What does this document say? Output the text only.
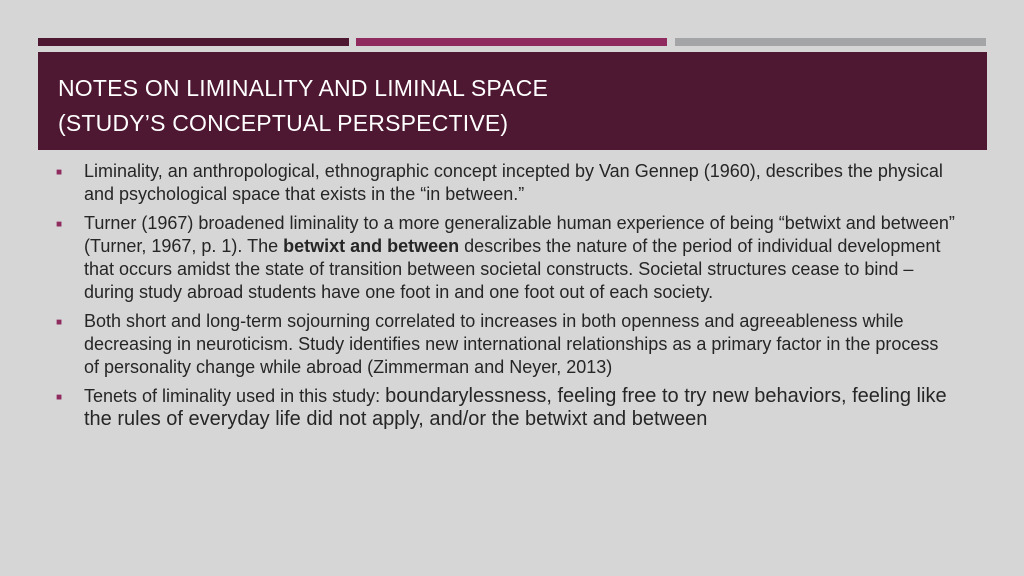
NOTES ON LIMINALITY AND LIMINAL SPACE
(STUDY’S CONCEPTUAL PERSPECTIVE)
■	Liminality, an anthropological, ethnographic concept incepted by Van Gennep (1960), describes the physical and psychological space that exists in the “in between.”
■	Turner (1967) broadened liminality to a more generalizable human experience of being “betwixt and between” (Turner, 1967, p. 1). The betwixt and between describes the nature of the period of individual development that occurs amidst the state of transition between societal constructs. Societal structures cease to bind – during study abroad students have one foot in and one foot out of each society.
■	Both short and long-term sojourning correlated to increases in both openness and agreeableness while decreasing in neuroticism. Study identifies new international relationships as a primary factor in the process of personality change while abroad (Zimmerman and Neyer, 2013)
■	Tenets of liminality used in this study: boundarylessness, feeling free to try new behaviors, feeling like the rules of everyday life did not apply, and/or the betwixt and between
